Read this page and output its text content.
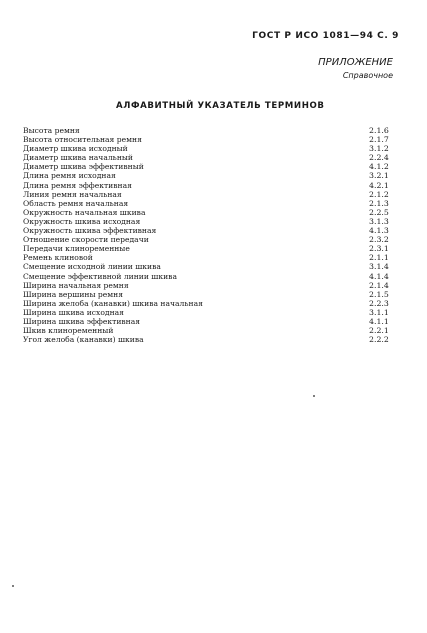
ГОСТ Р ИСО 1081—94 С. 9
ПРИЛОЖЕНИЕ
Справочное
АЛФАВИТНЫЙ УКАЗАТЕЛЬ ТЕРМИНОВ
Высота ремня	2.1.6
Высота относительная ремня	2.1.7
Диаметр шкива исходный	3.1.2
Диаметр шкива начальный	2.2.4
Диаметр шкива эффективный	4.1.2
Длина ремня исходная	3.2.1
Длина ремня эффективная	4.2.1
Линия ремня начальная	2.1.2
Область ремня начальная	2.1.3
Окружность начальная шкива	2.2.5
Окружность шкива исходная	3.1.3
Окружность шкива эффективная	4.1.3
Отношение скорости передачи	2.3.2
Передачи клиноременные	2.3.1
Ремень клиновой	2.1.1
Смещение исходной линии шкива	3.1.4
Смещение эффективной линии шкива	4.1.4
Ширина начальная ремня	2.1.4
Ширина вершины ремня	2.1.5
Ширина желоба (канавки) шкива начальная	2.2.3
Ширина шкива исходная	3.1.1
Ширина шкива эффективная	4.1.1
Шкив клиноременный	2.2.1
Угол желоба (канавки) шкива	2.2.2
